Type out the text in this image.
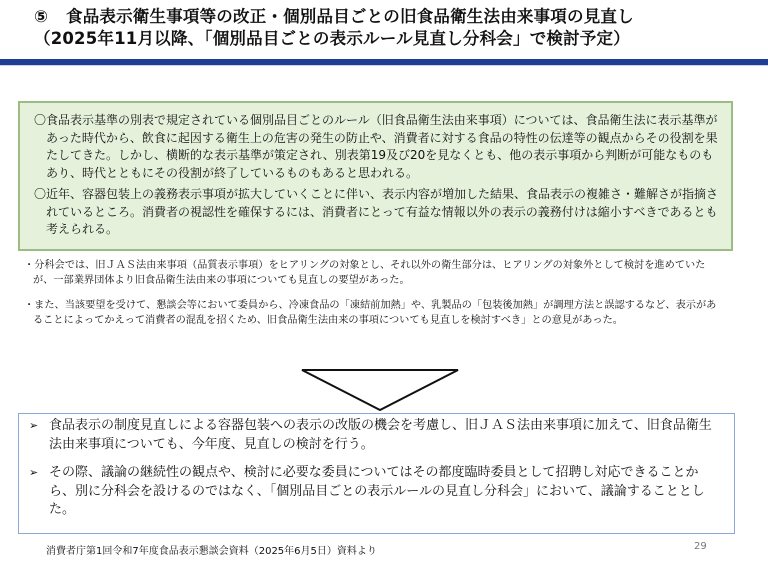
⑤ 食品表示衛生事項等の改正・個別品目ごとの旧食品衛生法由来事項の見直し
（2025年11月以降、「個別品目ごとの表示ルール見直し分科会」で検討予定）

〇食品表示基準の別表で規定されている個別品目ごとのルール（旧食品衛生法由来事項）については、食品衛生法に表示基準があった時代から、飲食に起因する衛生上の危害の発生の防止や、消費者に対する食品の特性の伝達等の観点からその役割を果たしてきた。しかし、横断的な表示基準が策定され、別表第19及び20を見なくとも、他の表示事項から判断が可能なものもあり、時代とともにその役割が終了しているものもあると思われる。

〇近年、容器包装上の義務表示事項が拡大していくことに伴い、表示内容が増加した結果、食品表示の複雑さ・難解さが指摘されているところ。消費者の視認性を確保するには、消費者にとって有益な情報以外の表示の義務付けは縮小すべきであるとも考えられる。

・分科会では、旧ＪＡＳ法由来事項（品質表示事項）をヒアリングの対象とし、それ以外の衛生部分は、ヒアリングの対象外として検討を進めていたが、一部業界団体より旧食品衛生法由来の事項についても見直しの要望があった。

・また、当該要望を受けて、懇談会等において委員から、冷凍食品の「凍結前加熱」や、乳製品の「包装後加熱」が調理方法と誤認するなど、表示があることによってかえって消費者の混乱を招くため、旧食品衛生法由来の事項についても見直しを検討すべき」との意見があった。

➢ 食品表示の制度見直しによる容器包装への表示の改版の機会を考慮し、旧ＪＡＳ法由来事項に加えて、旧食品衛生法由来事項についても、今年度、見直しの検討を行う。
➢ その際、議論の継続性の観点や、検討に必要な委員についてはその都度臨時委員として招聘し対応できることから、別に分科会を設けるのではなく、「個別品目ごとの表示ルールの見直し分科会」において、議論することとした。
消費者庁第1回令和7年度食品表示懇談会資料（2025年6月5日）資料より	29
